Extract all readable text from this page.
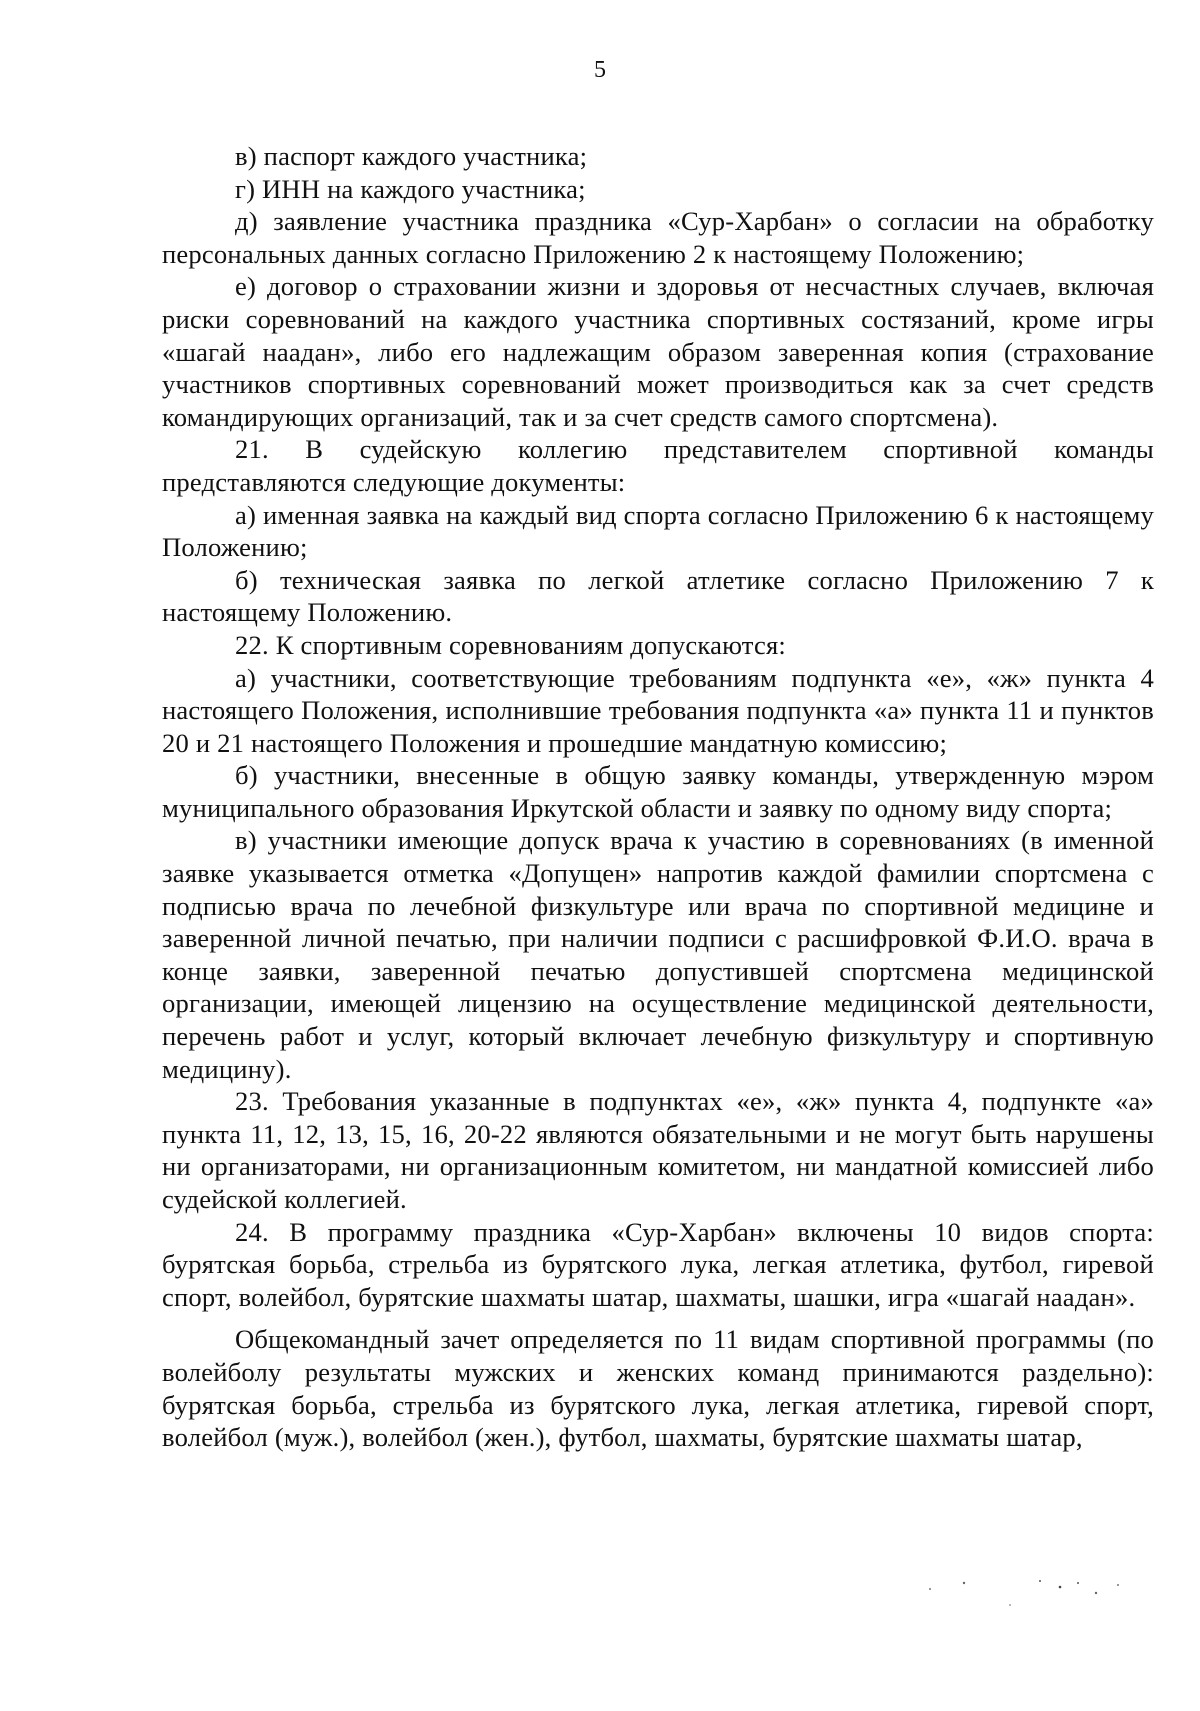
5

в) паспорт каждого участника;

г) ИНН на каждого участника;

д) заявление участника праздника «Сур-Харбан» о согласии на обработку персональных данных согласно Приложению 2 к настоящему Положению;

е) договор о страховании жизни и здоровья от несчастных случаев, включая риски соревнований на каждого участника спортивных состязаний, кроме игры «шагай наадан», либо его надлежащим образом заверенная копия (страхование участников спортивных соревнований может производиться как за счет средств командирующих организаций, так и за счет средств самого спортсмена).

21. В судейскую коллегию представителем спортивной команды представляются следующие документы:

а) именная заявка на каждый вид спорта согласно Приложению 6 к настоящему Положению;

б) техническая заявка по легкой атлетике согласно Приложению 7 к настоящему Положению.

22. К спортивным соревнованиям допускаются:

а) участники, соответствующие требованиям подпункта «е», «ж» пункта 4 настоящего Положения, исполнившие требования подпункта «а» пункта 11 и пунктов 20 и 21 настоящего Положения и прошедшие мандатную комиссию;

б) участники, внесенные в общую заявку команды, утвержденную мэром муниципального образования Иркутской области и заявку по одному виду спорта;

в) участники имеющие допуск врача к участию в соревнованиях (в именной заявке указывается отметка «Допущен» напротив каждой фамилии спортсмена с подписью врача по лечебной физкультуре или врача по спортивной медицине и заверенной личной печатью, при наличии подписи с расшифровкой Ф.И.О. врача в конце заявки, заверенной печатью допустившей спортсмена медицинской организации, имеющей лицензию на осуществление медицинской деятельности, перечень работ и услуг, который включает лечебную физкультуру и спортивную медицину).

23. Требования указанные в подпунктах «е», «ж» пункта 4, подпункте «а» пункта 11, 12, 13, 15, 16, 20-22 являются обязательными и не могут быть нарушены ни организаторами, ни организационным комитетом, ни мандатной комиссией либо судейской коллегией.

24. В программу праздника «Сур-Харбан» включены 10 видов спорта: бурятская борьба, стрельба из бурятского лука, легкая атлетика, футбол, гиревой спорт, волейбол, бурятские шахматы шатар, шахматы, шашки, игра «шагай наадан».

Общекомандный зачет определяется по 11 видам спортивной программы (по волейболу результаты мужских и женских команд принимаются раздельно): бурятская борьба, стрельба из бурятского лука, легкая атлетика, гиревой спорт, волейбол (муж.), волейбол (жен.), футбол, шахматы, бурятские шахматы шатар,
